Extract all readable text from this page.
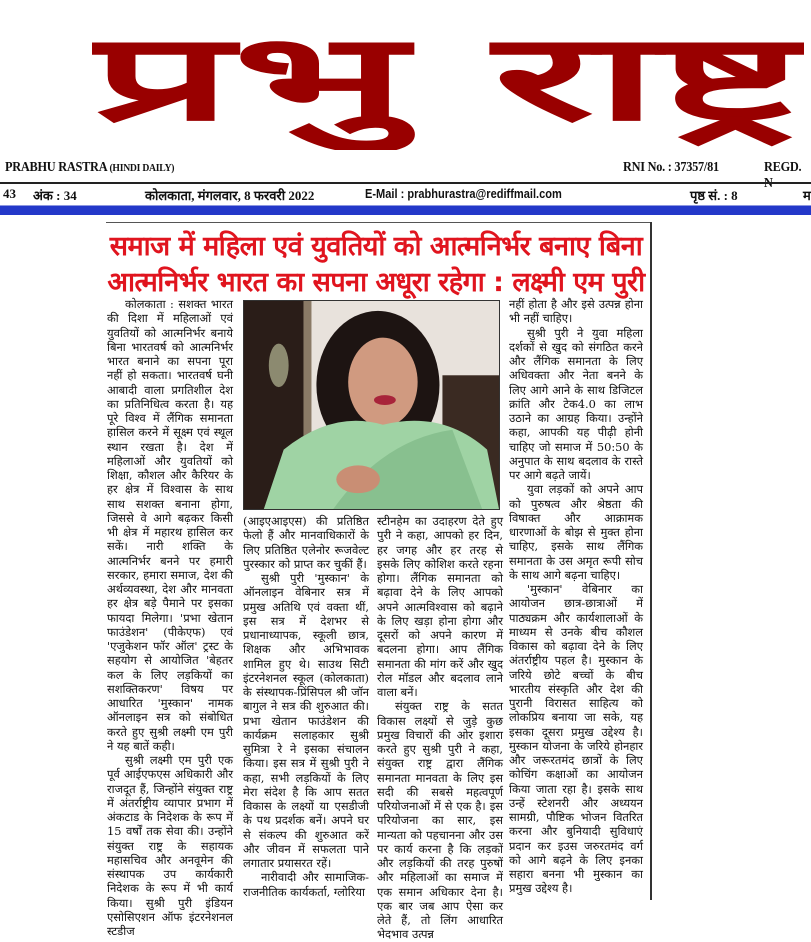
प्रभु राष्ट्र
PRABHU RASTRA (HINDI DAILY)	RNI No. : 37357/81	REGD.
43 अंक : 34	कोलकाता, मंगलवार, 8 फरवरी 2022	E-Mail : prabhurastra@rediffmail.com	पृष्ठ सं. : 8	म
समाज में महिला एवं युवतियों को आत्मनिर्भर बनाए बिना
आत्मनिर्भर भारत का सपना अधूरा रहेगा : लक्ष्मी एम पुरी

कोलकाता : सशक्त भारत की दिशा में महिलाओं एवं युवतियों को आत्मनिर्भर बनाये बिना भारतवर्ष को आत्मनिर्भर भारत बनाने का सपना पूरा नहीं हो सकता। भारतवर्ष घनी आबादी वाला प्रगतिशील देश का प्रतिनिधित्व करता है। यह पूरे विश्व में लैंगिक समानता हासिल करने में सूक्ष्म एवं स्थूल स्थान रखता है। देश में महिलाओं और युवतियों को शिक्षा, कौशल और कैरियर के हर क्षेत्र में विश्वास के साथ साथ सशक्त बनाना होगा, जिससे वे आगे बढ़कर किसी भी क्षेत्र में महारथ हासिल कर सकें। नारी शक्ति के आत्मनिर्भर बनने पर हमारी सरकार, हमारा समाज, देश की अर्थव्यवस्था, देश और मानवता हर क्षेत्र बड़े पैमाने पर इसका फायदा मिलेगा। 'प्रभा खेतान फाउंडेशन' (पीकेएफ) एवं 'एजुकेशन फॉर ऑल' ट्रस्ट के सहयोग से आयोजित 'बेहतर कल के लिए लड़कियों का सशक्तिकरण' विषय पर आधारित 'मुस्कान' नामक ऑनलाइन सत्र को संबोधित करते हुए सुश्री लक्ष्मी एम पुरी ने यह बातें कही।

सुश्री लक्ष्मी एम पुरी एक पूर्व आईएफएस अधिकारी और राजदूत हैं, जिन्होंने संयुक्त राष्ट्र में अंतर्राष्ट्रीय व्यापार प्रभाग में अंकटाड के निदेशक के रूप में 15 वर्षों तक सेवा की। उन्होंने संयुक्त राष्ट्र के सहायक महासचिव और अनवूमेन की संस्थापक उप कार्यकारी निदेशक के रूप में भी कार्य किया। सुश्री पुरी इंडियन एसोसिएशन ऑफ इंटरनेशनल स्टडीज

(आइएआइएस) की प्रतिष्ठित फेलो हैं और मानवाधिकारों के लिए प्रतिष्ठित एलेनोर रूजवेल्ट पुरस्कार को प्राप्त कर चुकीं हैं।

सुश्री पुरी 'मुस्कान' के ऑनलाइन वेबिनार सत्र में प्रमुख अतिथि एवं वक्ता थीं, इस सत्र में देशभर से प्रधानाध्यापक, स्कूली छात्र, शिक्षक और अभिभावक शामिल हुए थे। साउथ सिटी इंटरनेशनल स्कूल (कोलकाता) के संस्थापक-प्रिंसिपल श्री जॉन बागुल ने सत्र की शुरुआत की। प्रभा खेतान फाउंडेशन की कार्यक्रम सलाहकार सुश्री सुमित्रा रे ने इसका संचालन किया। इस सत्र में सुश्री पुरी ने कहा, सभी लड़कियों के लिए मेरा संदेश है कि आप सतत विकास के लक्ष्यों या एसडीजी के पथ प्रदर्शक बनें। अपने घर से संकल्प की शुरुआत करें और जीवन में सफलता पाने लगातार प्रयासरत रहें।

नारीवादी और सामाजिक-राजनीतिक कार्यकर्ता, ग्लोरिया

स्टीनहेम का उदाहरण देते हुए पुरी ने कहा, आपको हर दिन, हर जगह और हर तरह से इसके लिए कोशिश करते रहना होगा। लैंगिक समानता को बढ़ावा देने के लिए आपको अपने आत्मविश्वास को बढ़ाने के लिए खड़ा होना होगा और दूसरों को अपने कारण में बदलना होगा। आप लैंगिक समानता की मांग करें और खुद रोल मॉडल और बदलाव लाने वाला बनें।

संयुक्त राष्ट्र के सतत विकास लक्ष्यों से जुड़े कुछ प्रमुख विचारों की ओर इशारा करते हुए सुश्री पुरी ने कहा, संयुक्त राष्ट्र द्वारा लैंगिक समानता मानवता के लिए इस सदी की सबसे महत्वपूर्ण परियोजनाओं में से एक है। इस परियोजना का सार, इस मान्यता को पहचानना और उस पर कार्य करना है कि लड़कों और लड़कियों की तरह पुरुषों और महिलाओं का समाज में एक समान अधिकार देना है। एक बार जब आप ऐसा कर लेते हैं, तो लिंग आधारित भेदभाव उत्पन्न

नहीं होता है और इसे उत्पन्न होना भी नहीं चाहिए।

सुश्री पुरी ने युवा महिला दर्शकों से खुद को संगठित करने और लैंगिक समानता के लिए अधिवक्ता और नेता बनने के लिए आगे आने के साथ डिजिटल क्रांति और टेक4.0 का लाभ उठाने का आग्रह किया। उन्होंने कहा, आपकी यह पीढ़ी होनी चाहिए जो समाज में 50:50 के अनुपात के साथ बदलाव के रास्ते पर आगे बढ़ते जायें।

युवा लड़कों को अपने आप को पुरुषत्व और श्रेष्ठता की विषाक्त और आक्रामक धारणाओं के बोझ से मुक्त होना चाहिए, इसके साथ लैंगिक समानता के उस अमृत रूपी सोच के साथ आगे बढ़ना चाहिए।

'मुस्कान' वेबिनार का आयोजन छात्र-छात्राओं में पाठ्यक्रम और कार्यशालाओं के माध्यम से उनके बीच कौशल विकास को बढ़ावा देने के लिए अंतर्राष्ट्रीय पहल है। मुस्कान के जरिये छोटे बच्चों के बीच भारतीय संस्कृति और देश की पुरानी विरासत साहित्य को लोकप्रिय बनाया जा सके, यह इसका दूसरा प्रमुख उद्देश्य है। मुस्कान योजना के जरिये होनहार और जरूरतमंद छात्रों के लिए कोचिंग कक्षाओं का आयोजन किया जाता रहा है। इसके साथ उन्हें स्टेशनरी और अध्ययन सामग्री, पौष्टिक भोजन वितरित करना और बुनियादी सुविधाएं प्रदान कर इउस जरुरतमंद वर्ग को आगे बढ़ने के लिए इनका सहारा बनना भी मुस्कान का प्रमुख उद्देश्य है।
